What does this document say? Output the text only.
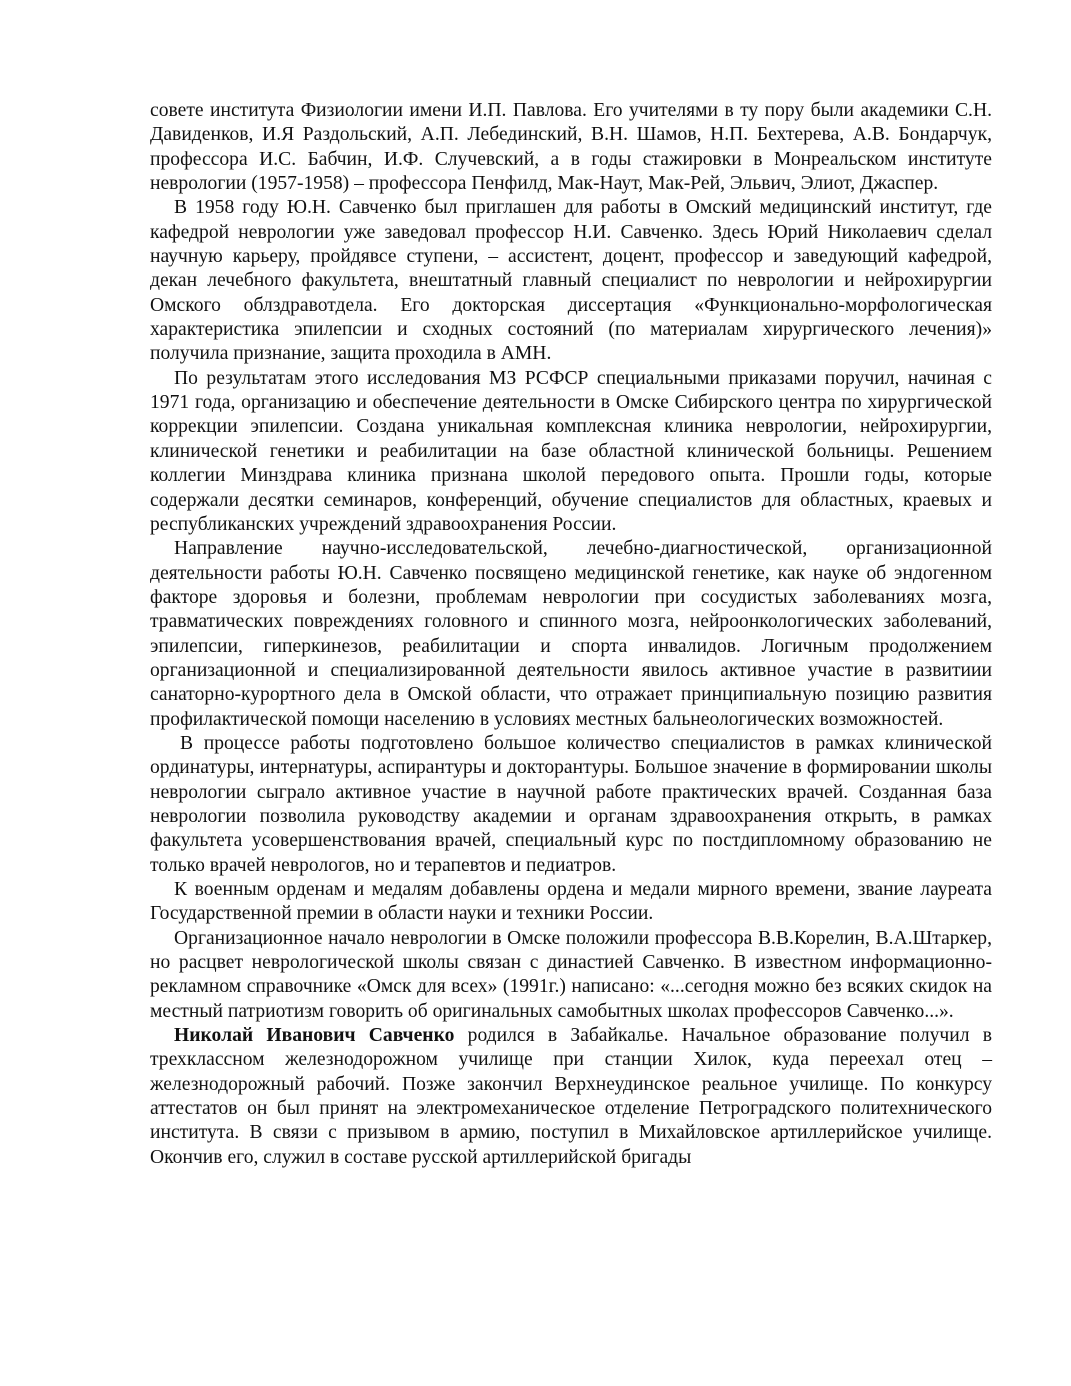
совете института Физиологии имени И.П. Павлова. Его учителями в ту пору были академики С.Н. Давиденков, И.Я Раздольский, А.П. Лебединский, В.Н. Шамов, Н.П. Бехтерева, А.В. Бондарчук, профессора И.С. Бабчин, И.Ф. Случевский, а в годы стажировки в Монреальском институте неврологии (1957-1958) – профессора Пенфилд, Мак-Наут, Мак-Рей, Эльвич, Элиот, Джаспер.

В 1958 году Ю.Н. Савченко был приглашен для работы в Омский медицинский институт, где кафедрой неврологии уже заведовал профессор Н.И. Савченко. Здесь Юрий Николаевич сделал научную карьеру, пройдявсе ступени, – ассистент, доцент, профессор и заведующий кафедрой, декан лечебного факультета, внештатный главный специалист по неврологии и нейрохирургии Омского облздравотдела. Его докторская диссертация «Функционально-морфологическая характеристика эпилепсии и сходных состояний (по материалам хирургического лечения)» получила признание, защита проходила в АМН.

По результатам этого исследования МЗ РСФСР специальными приказами поручил, начиная с 1971 года, организацию и обеспечение деятельности в Омске Сибирского центра по хирургической коррекции эпилепсии. Создана уникальная комплексная клиника неврологии, нейрохирургии, клинической генетики и реабилитации на базе областной клинической больницы. Решением коллегии Минздрава клиника признана школой передового опыта. Прошли годы, которые содержали десятки семинаров, конференций, обучение специалистов для областных, краевых и республиканских учреждений здравоохранения России.

Направление научно-исследовательской, лечебно-диагностической, организационной деятельности работы Ю.Н. Савченко посвящено медицинской генетике, как науке об эндогенном факторе здоровья и болезни, проблемам неврологии при сосудистых заболеваниях мозга, травматических повреждениях головного и спинного мозга, нейроонкологических заболеваний, эпилепсии, гиперкинезов, реабилитации и спорта инвалидов. Логичным продолжением организационной и специализированной деятельности явилось активное участие в развитиии санаторно-курортного дела в Омской области, что отражает принципиальную позицию развития профилактической помощи населению в условиях местных бальнеологических возможностей.

В процессе работы подготовлено большое количество специалистов в рамках клинической ординатуры, интернатуры, аспирантуры и докторантуры. Большое значение в формировании школы неврологии сыграло активное участие в научной работе практических врачей. Созданная база неврологии позволила руководству академии и органам здравоохранения открыть, в рамках факультета усовершенствования врачей, специальный курс по постдипломному образованию не только врачей неврологов, но и терапевтов и педиатров.

К военным орденам и медалям добавлены ордена и медали мирного времени, звание лауреата Государственной премии в области науки и техники России.

Организационное начало неврологии в Омске положили профессора В.В.Корелин, В.А.Штаркер, но расцвет неврологической школы связан с династией Савченко. В известном информационно-рекламном справочнике «Омск для всех» (1991г.) написано: «...сегодня можно без всяких скидок на местный патриотизм говорить об оригинальных самобытных школах профессоров Савченко...».

Николай Иванович Савченко родился в Забайкалье. Начальное образование получил в трехклассном железнодорожном училище при станции Хилок, куда переехал отец – железнодорожный рабочий. Позже закончил Верхнеудинское реальное училище. По конкурсу аттестатов он был принят на электромеханическое отделение Петроградского политехнического института. В связи с призывом в армию, поступил в Михайловское артиллерийское училище. Окончив его, служил в составе русской артиллерийской бригады
